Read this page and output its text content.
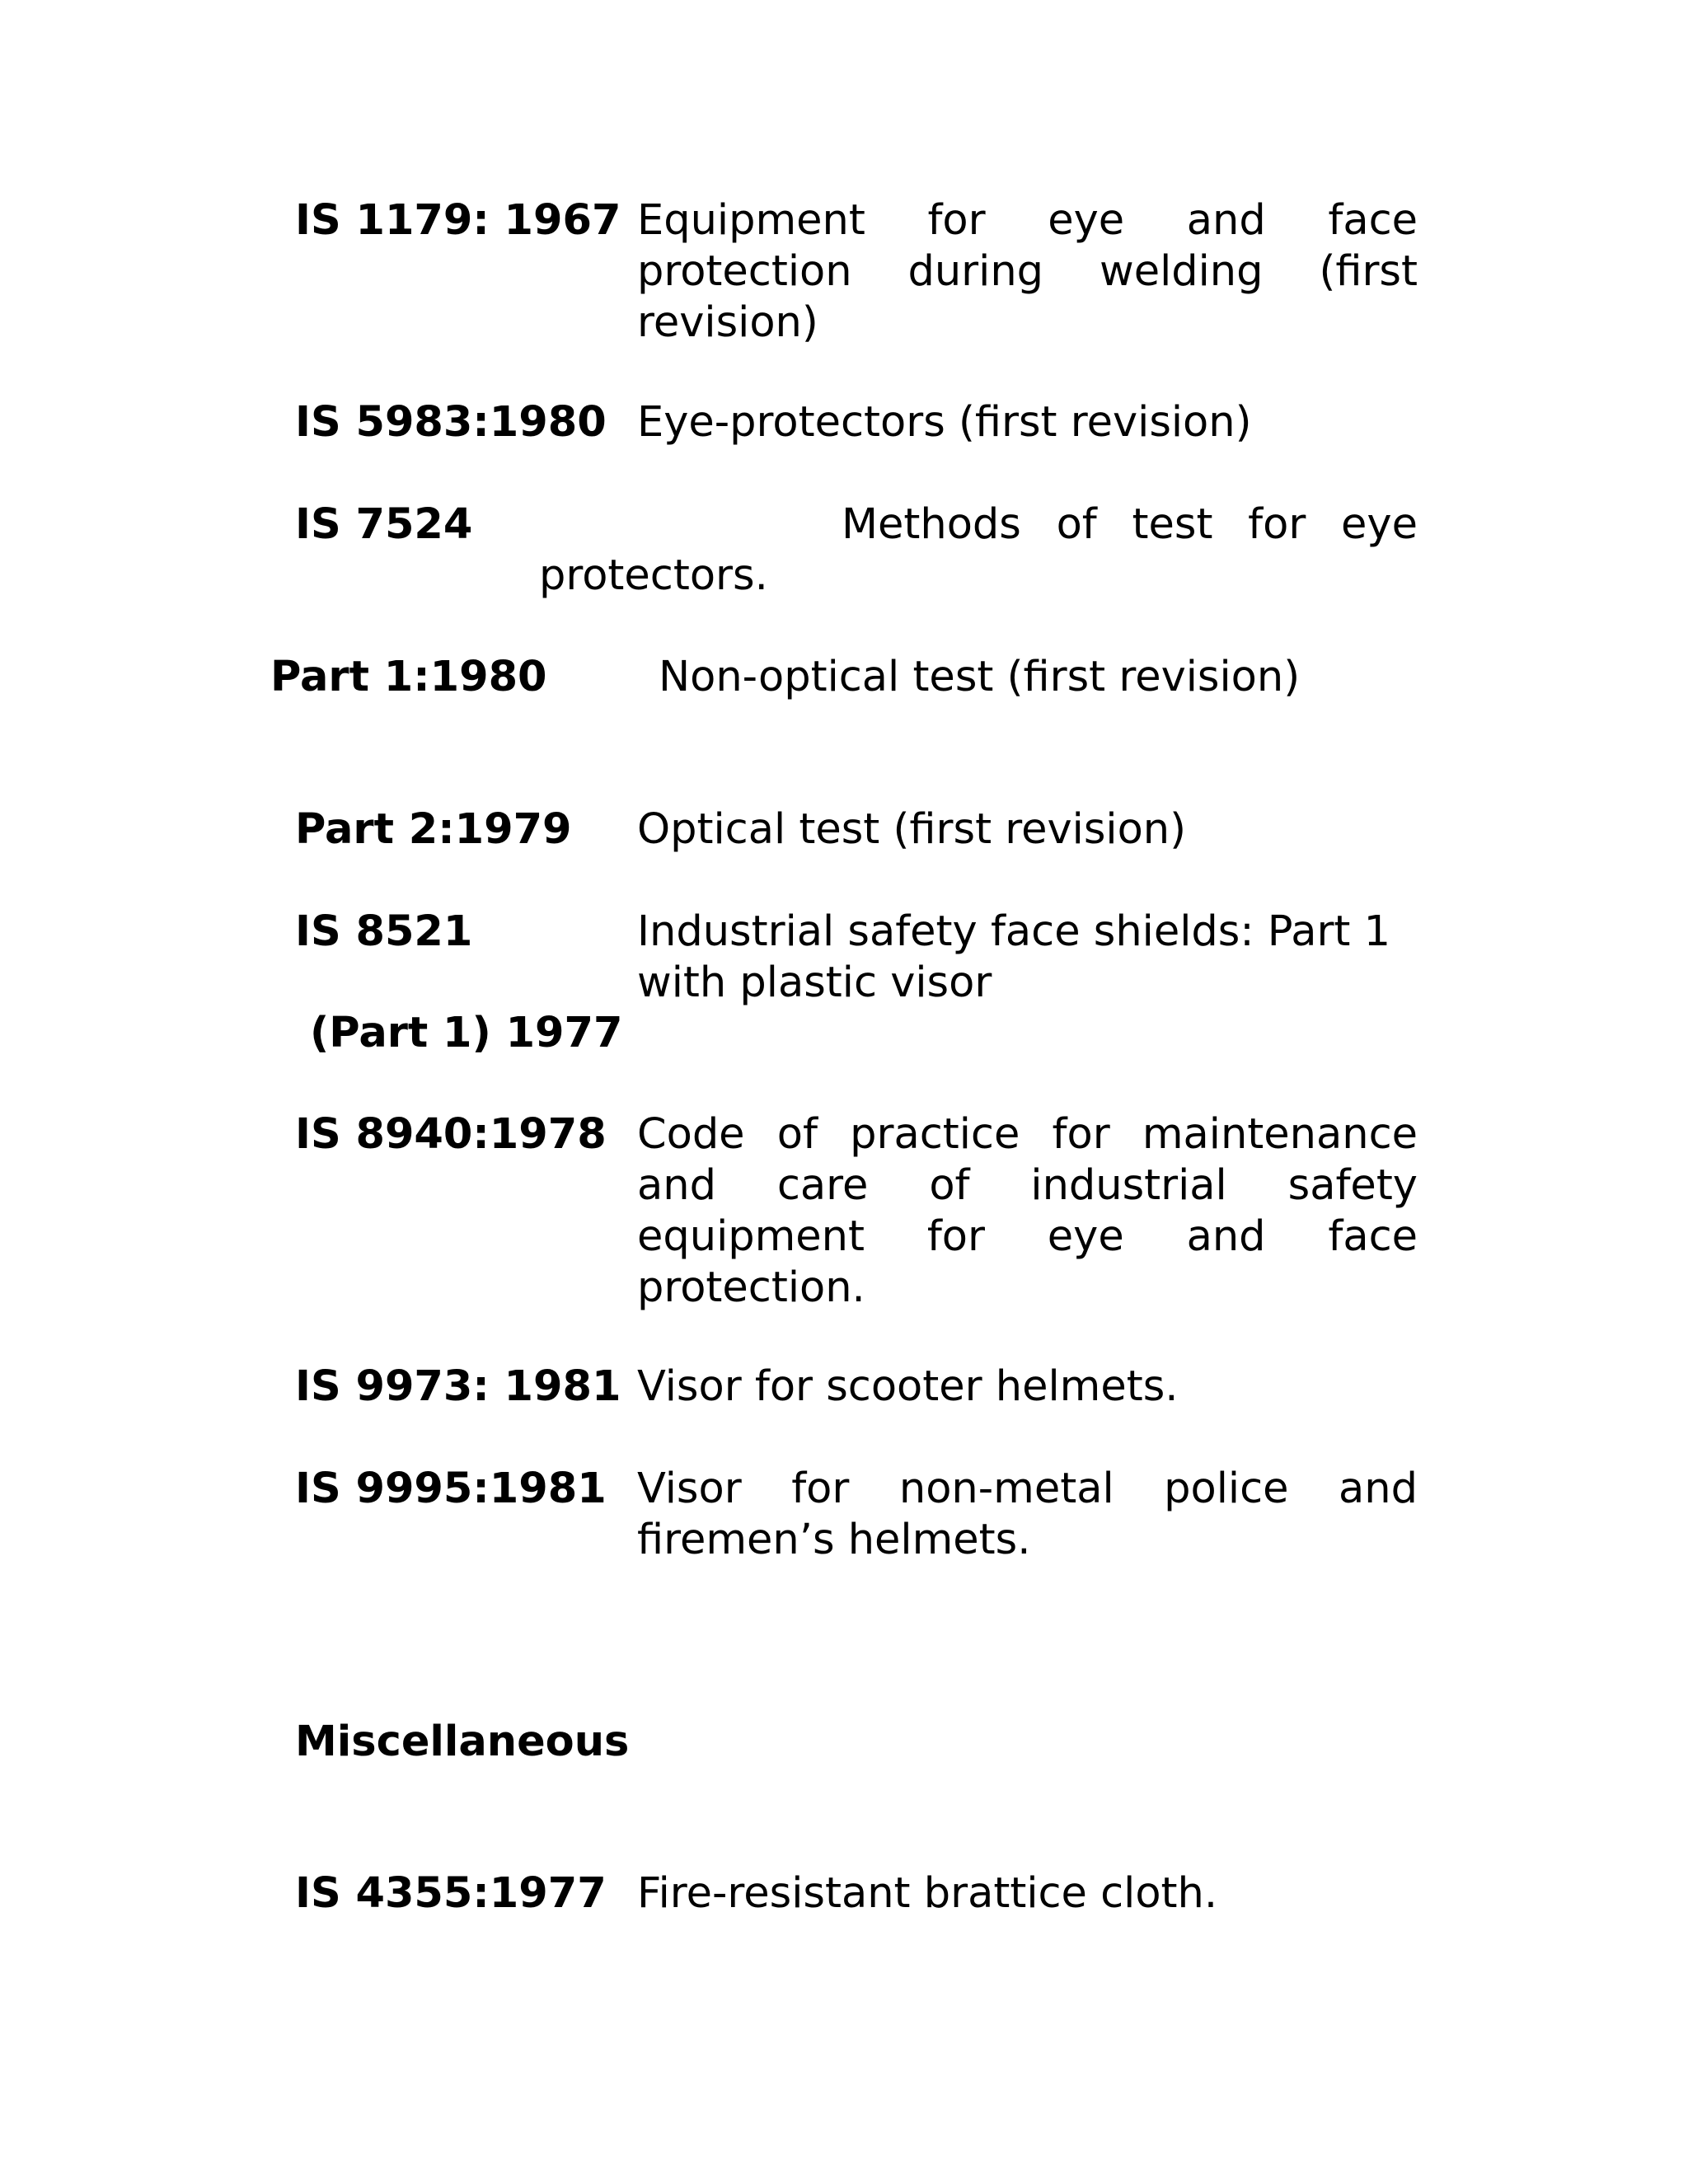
IS 1179: 1967 Equipment for eye and face
protection during welding (first
revision)
IS 5983:1980 Eye-protectors (first revision)
IS 7524	Methods of test for eye
protectors.
Part 1:1980	Non-optical test (first revision)
Part 2:1979 Optical test (first revision)
IS 8521
(Part 1) 1977
Industrial safety face shields: Part 1
with plastic visor
IS 8940:1978 Code of practice for maintenance
and care of industrial safety
equipment for eye and face
protection.
IS 9973: 1981 Visor for scooter helmets.
IS 9995:1981 Visor for non-metal police and
firemen’s helmets.
Miscellaneous
IS 4355:1977 Fire-resistant brattice cloth.
